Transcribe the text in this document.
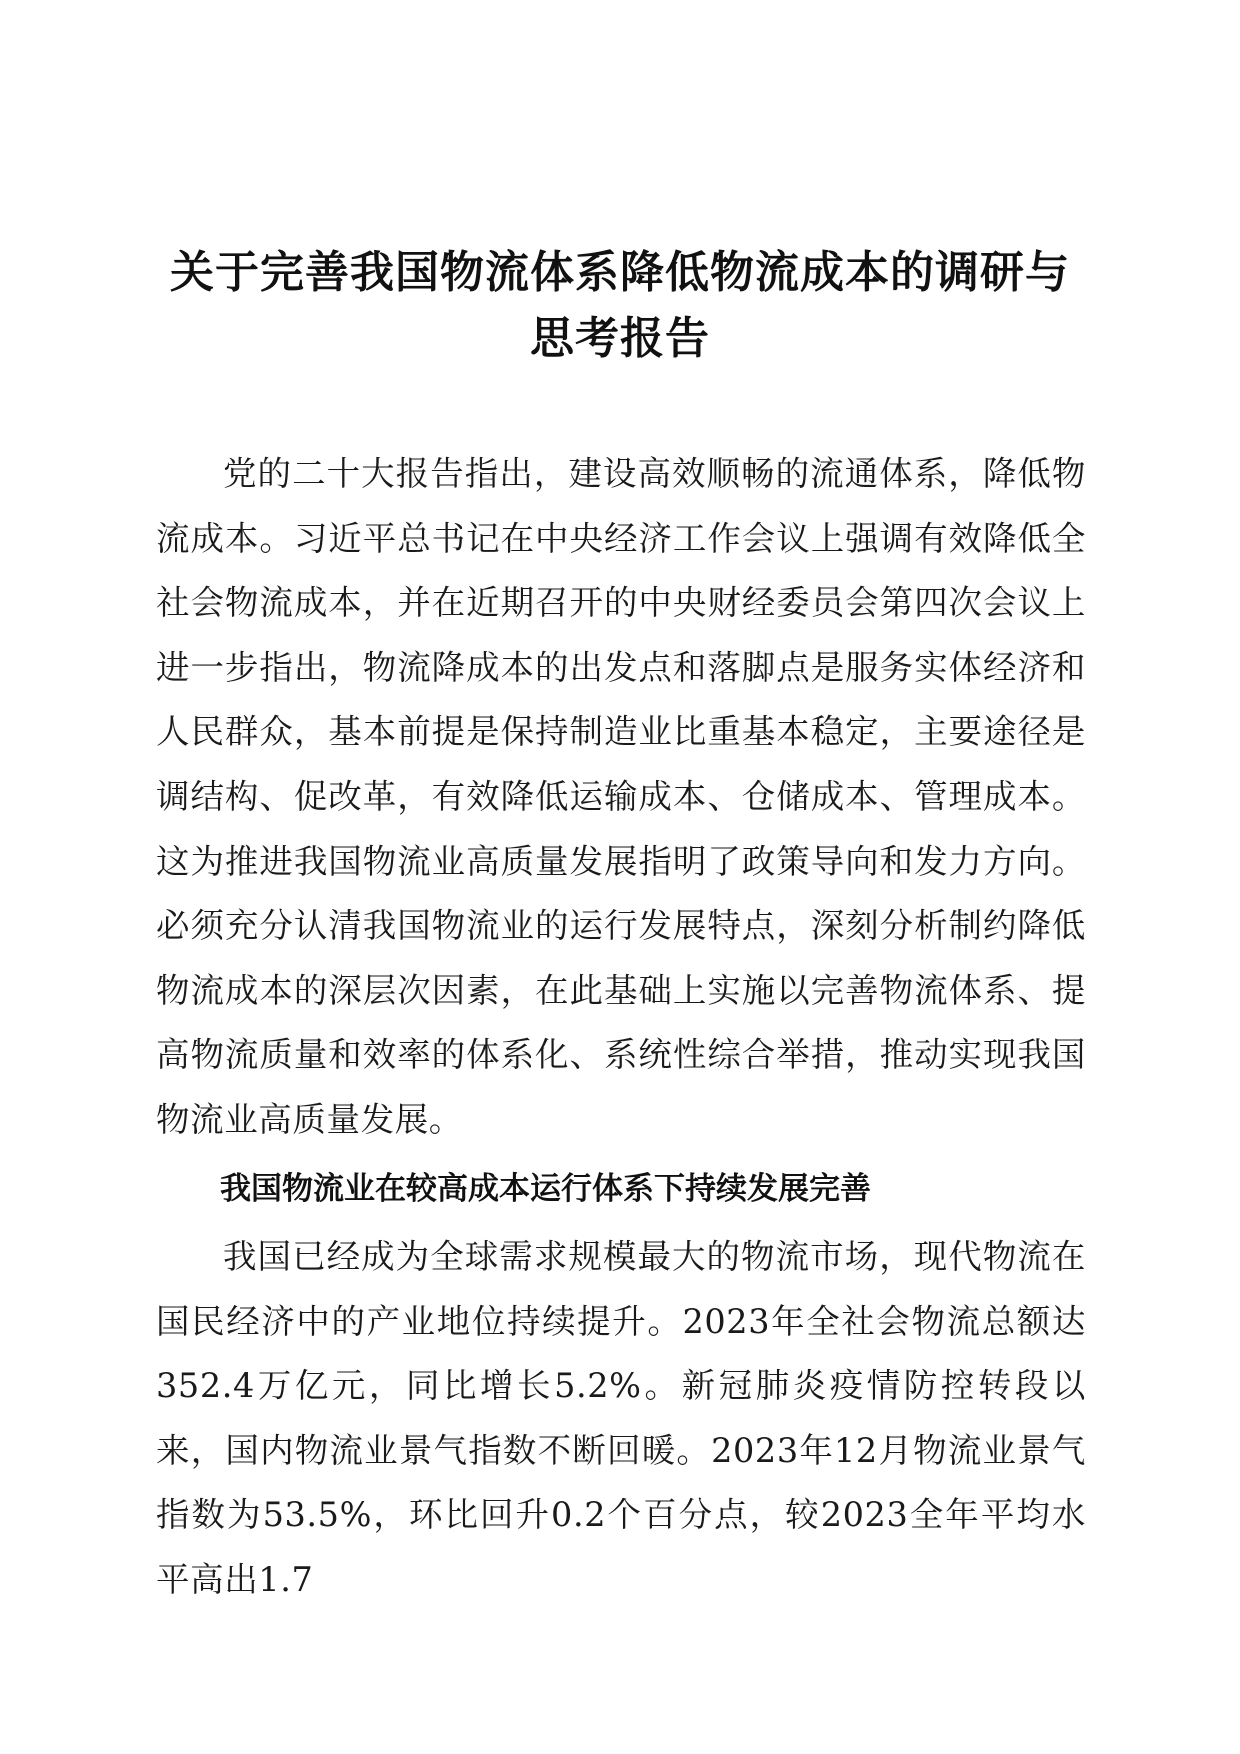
关于完善我国物流体系降低物流成本的调研与思考报告

党的二十大报告指出，建设高效顺畅的流通体系，降低物流成本。习近平总书记在中央经济工作会议上强调有效降低全社会物流成本，并在近期召开的中央财经委员会第四次会议上进一步指出，物流降成本的出发点和落脚点是服务实体经济和人民群众，基本前提是保持制造业比重基本稳定，主要途径是调结构、促改革，有效降低运输成本、仓储成本、管理成本。这为推进我国物流业高质量发展指明了政策导向和发力方向。必须充分认清我国物流业的运行发展特点，深刻分析制约降低物流成本的深层次因素，在此基础上实施以完善物流体系、提高物流质量和效率的体系化、系统性综合举措，推动实现我国物流业高质量发展。

我国物流业在较高成本运行体系下持续发展完善

我国已经成为全球需求规模最大的物流市场，现代物流在国民经济中的产业地位持续提升。2023年全社会物流总额达352.4万亿元，同比增长5.2%。新冠肺炎疫情防控转段以来，国内物流业景气指数不断回暖。2023年12月物流业景气指数为53.5%，环比回升0.2个百分点，较2023全年平均水平高出1.7
